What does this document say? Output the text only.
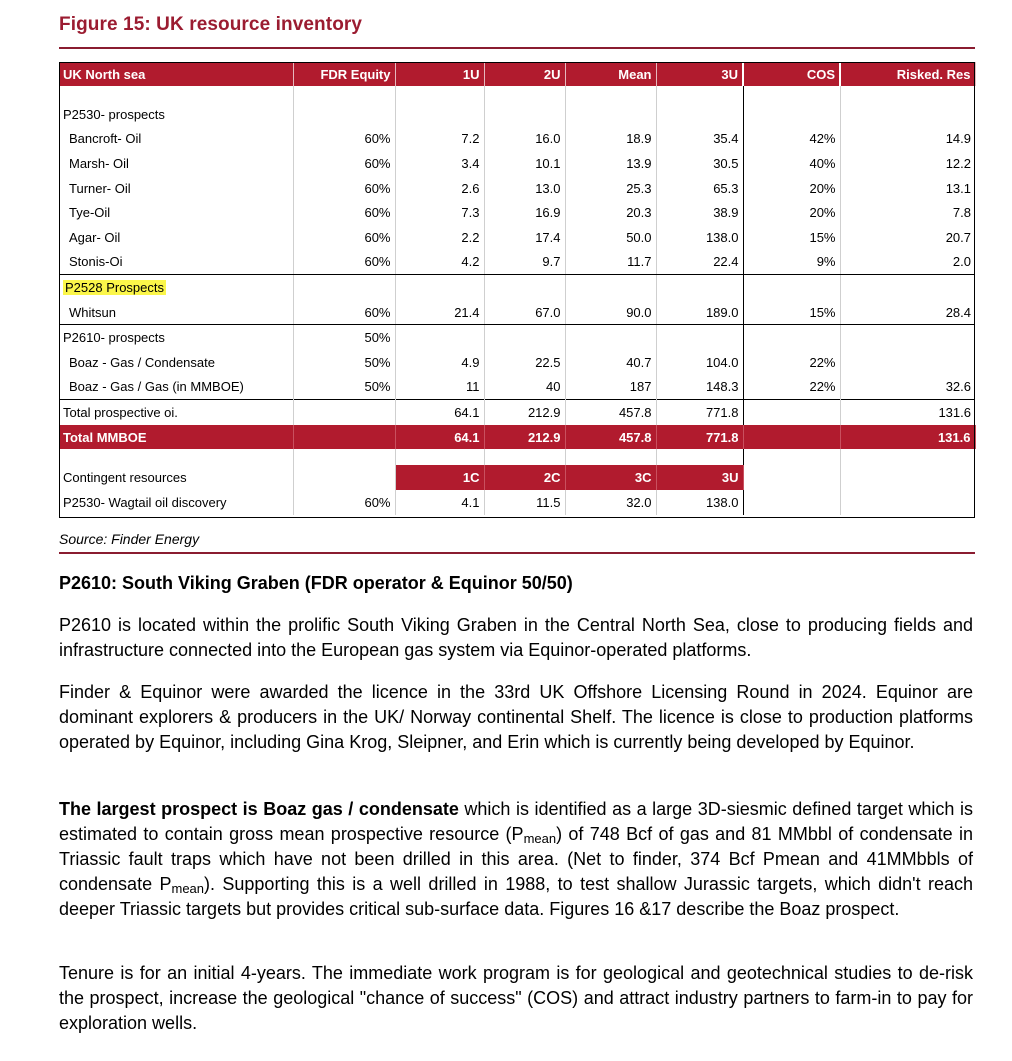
Figure 15: UK resource inventory
UK North sea	FDR Equity	1U	2U	Mean	3U	COS	Risked. Res

P2530- prospects							
Bancroft- Oil	60%	7.2	16.0	18.9	35.4	42%	14.9
Marsh- Oil	60%	3.4	10.1	13.9	30.5	40%	12.2
Turner- Oil	60%	2.6	13.0	25.3	65.3	20%	13.1
Tye-Oil	60%	7.3	16.9	20.3	38.9	20%	7.8
Agar- Oil	60%	2.2	17.4	50.0	138.0	15%	20.7
Stonis-Oi	60%	4.2	9.7	11.7	22.4	9%	2.0
P2528 Prospects							
Whitsun	60%	21.4	67.0	90.0	189.0	15%	28.4
P2610- prospects	50%						
Boaz - Gas / Condensate	50%	4.9	22.5	40.7	104.0	22%	
Boaz - Gas / Gas (in MMBOE)	50%	11	40	187	148.3	22%	32.6
Total prospective oi.		64.1	212.9	457.8	771.8		131.6
Total MMBOE		64.1	212.9	457.8	771.8		131.6

Contingent resources		1C	2C	3C	3U		
P2530- Wagtail oil discovery	60%	4.1	11.5	32.0	138.0		
Source: Finder Energy
P2610: South Viking Graben (FDR operator & Equinor 50/50)
P2610 is located within the prolific South Viking Graben in the Central North Sea, close to producing fields and infrastructure connected into the European gas system via Equinor-operated platforms.
Finder & Equinor were awarded the licence in the 33rd UK Offshore Licensing Round in 2024. Equinor are dominant explorers & producers in the UK/ Norway continental Shelf. The licence is close to production platforms operated by Equinor, including Gina Krog, Sleipner, and Erin which is currently being developed by Equinor.
The largest prospect is Boaz gas / condensate which is identified as a large 3D-siesmic defined target which is estimated to contain gross mean prospective resource $(P_{mean})$ of 748 Bcf of gas and 81 MMbbl of condensate in Triassic fault traps which have not been drilled in this area. (Net to finder, 374 Bcf Pmean and 41MMbbls of condensate $P_{mean}$). Supporting this is a well drilled in 1988, to test shallow Jurassic targets, which didn't reach deeper Triassic targets but provides critical sub-surface data. Figures 16 &17 describe the Boaz prospect.
Tenure is for an initial 4-years. The immediate work program is for geological and geotechnical studies to de-risk the prospect, increase the geological "chance of success" (COS) and attract industry partners to farm-in to pay for exploration wells.
